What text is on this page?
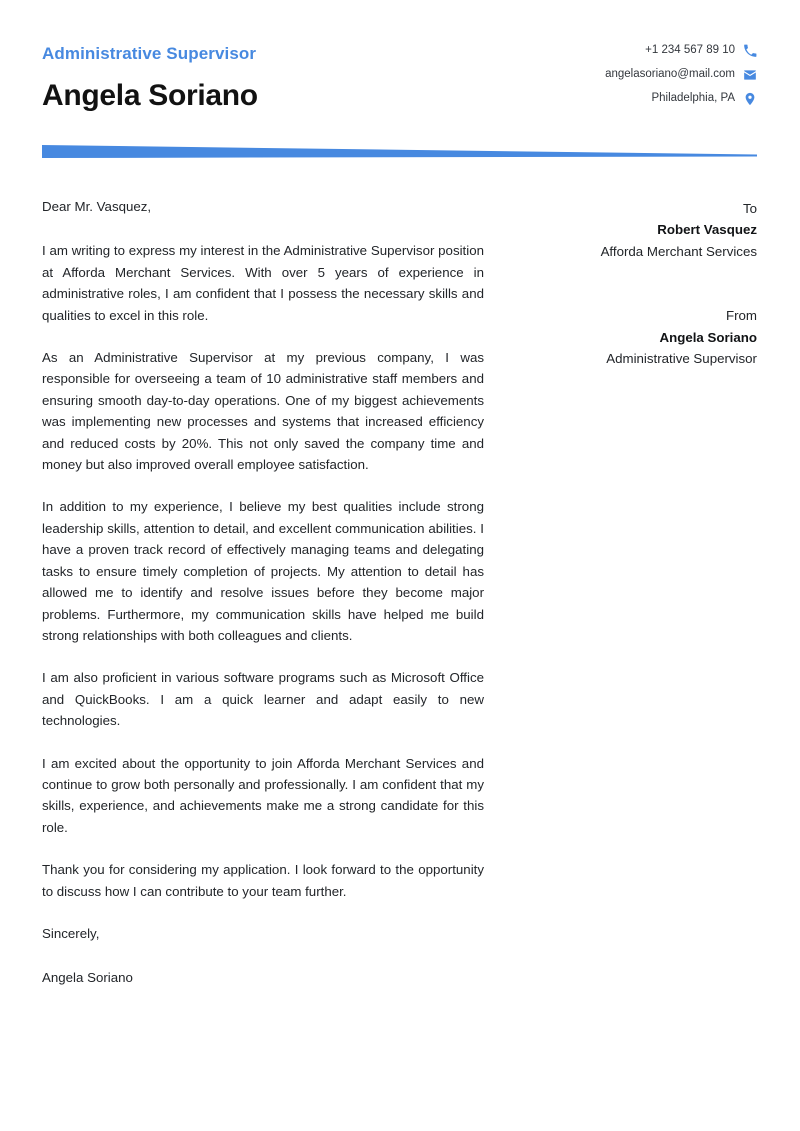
Administrative Supervisor
Angela Soriano
+1 234 567 89 10
angelasoriano@mail.com
Philadelphia, PA

Dear Mr. Vasquez,

I am writing to express my interest in the Administrative Supervisor position at Afforda Merchant Services. With over 5 years of experience in administrative roles, I am confident that I possess the necessary skills and qualities to excel in this role.

As an Administrative Supervisor at my previous company, I was responsible for overseeing a team of 10 administrative staff members and ensuring smooth day-to-day operations. One of my biggest achievements was implementing new processes and systems that increased efficiency and reduced costs by 20%. This not only saved the company time and money but also improved overall employee satisfaction.

In addition to my experience, I believe my best qualities include strong leadership skills, attention to detail, and excellent communication abilities. I have a proven track record of effectively managing teams and delegating tasks to ensure timely completion of projects. My attention to detail has allowed me to identify and resolve issues before they become major problems. Furthermore, my communication skills have helped me build strong relationships with both colleagues and clients.

I am also proficient in various software programs such as Microsoft Office and QuickBooks. I am a quick learner and adapt easily to new technologies.

I am excited about the opportunity to join Afforda Merchant Services and continue to grow both personally and professionally. I am confident that my skills, experience, and achievements make me a strong candidate for this role.

Thank you for considering my application. I look forward to the opportunity to discuss how I can contribute to your team further.

Sincerely,

Angela Soriano

To
Robert Vasquez
Afforda Merchant Services
From
Angela Soriano
Administrative Supervisor
